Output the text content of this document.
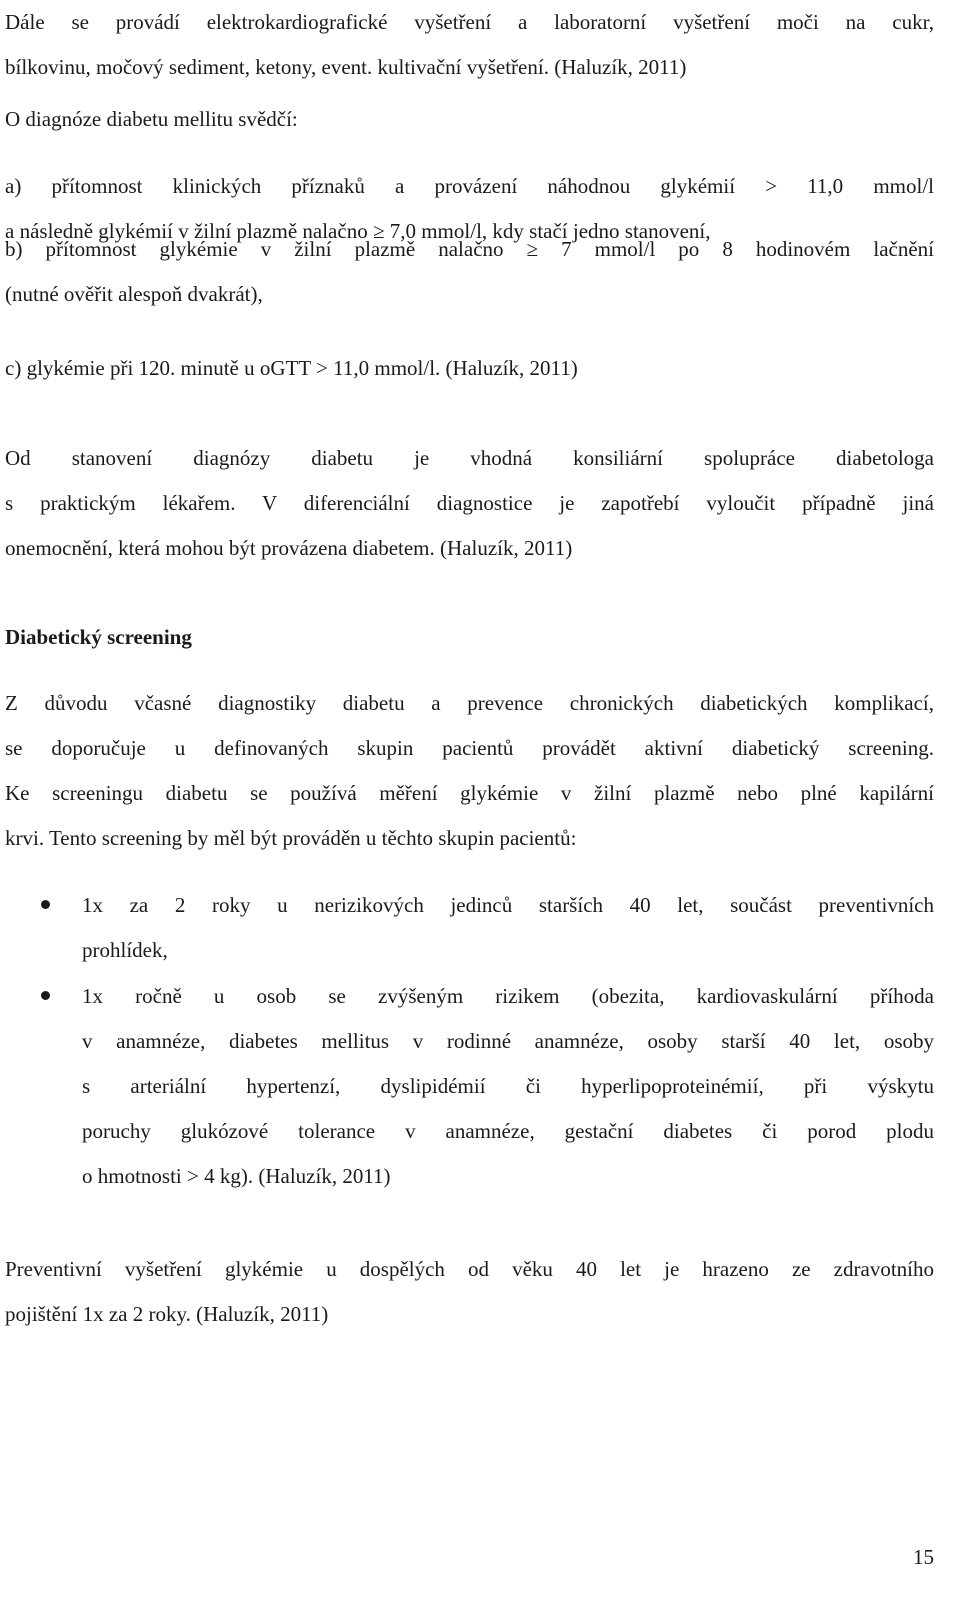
Dále se provádí elektrokardiografické vyšetření a laboratorní vyšetření moči na cukr,
bílkovinu, močový sediment, ketony, event. kultivační vyšetření. (Haluzík, 2011)

O diagnóze diabetu mellitu svědčí:

a) přítomnost klinických příznaků a provázení náhodnou glykémií > 11,0 mmol/l
a následně glykémií v žilní plazmě nalačno ≥ 7,0 mmol/l, kdy stačí jedno stanovení,

b) přítomnost glykémie v žilní plazmě nalačno ≥ 7 mmol/l po 8 hodinovém lačnění
(nutné ověřit alespoň dvakrát),

c) glykémie při 120. minutě u oGTT > 11,0 mmol/l. (Haluzík, 2011)

Od stanovení diagnózy diabetu je vhodná konsiliární spolupráce diabetologa
s praktickým lékařem. V diferenciální diagnostice je zapotřebí vyloučit případně jiná
onemocnění, která mohou být provázena diabetem. (Haluzík, 2011)

Diabetický screening

Z důvodu včasné diagnostiky diabetu a prevence chronických diabetických komplikací,
se doporučuje u definovaných skupin pacientů provádět aktivní diabetický screening.
Ke screeningu diabetu se používá měření glykémie v žilní plazmě nebo plné kapilární
krvi. Tento screening by měl být prováděn u těchto skupin pacientů:

1x za 2 roky u nerizikových jedinců starších 40 let, součást preventivních
prohlídek,
1x ročně u osob se zvýšeným rizikem (obezita, kardiovaskulární příhoda
v anamnéze, diabetes mellitus v rodinné anamnéze, osoby starší 40 let, osoby
s arteriální hypertenzí, dyslipidémií či hyperlipoproteinémií, při výskytu
poruchy glukózové tolerance v anamnéze, gestační diabetes či porod plodu
o hmotnosti > 4 kg). (Haluzík, 2011)

Preventivní vyšetření glykémie u dospělých od věku 40 let je hrazeno ze zdravotního
pojištění 1x za 2 roky. (Haluzík, 2011)

15
